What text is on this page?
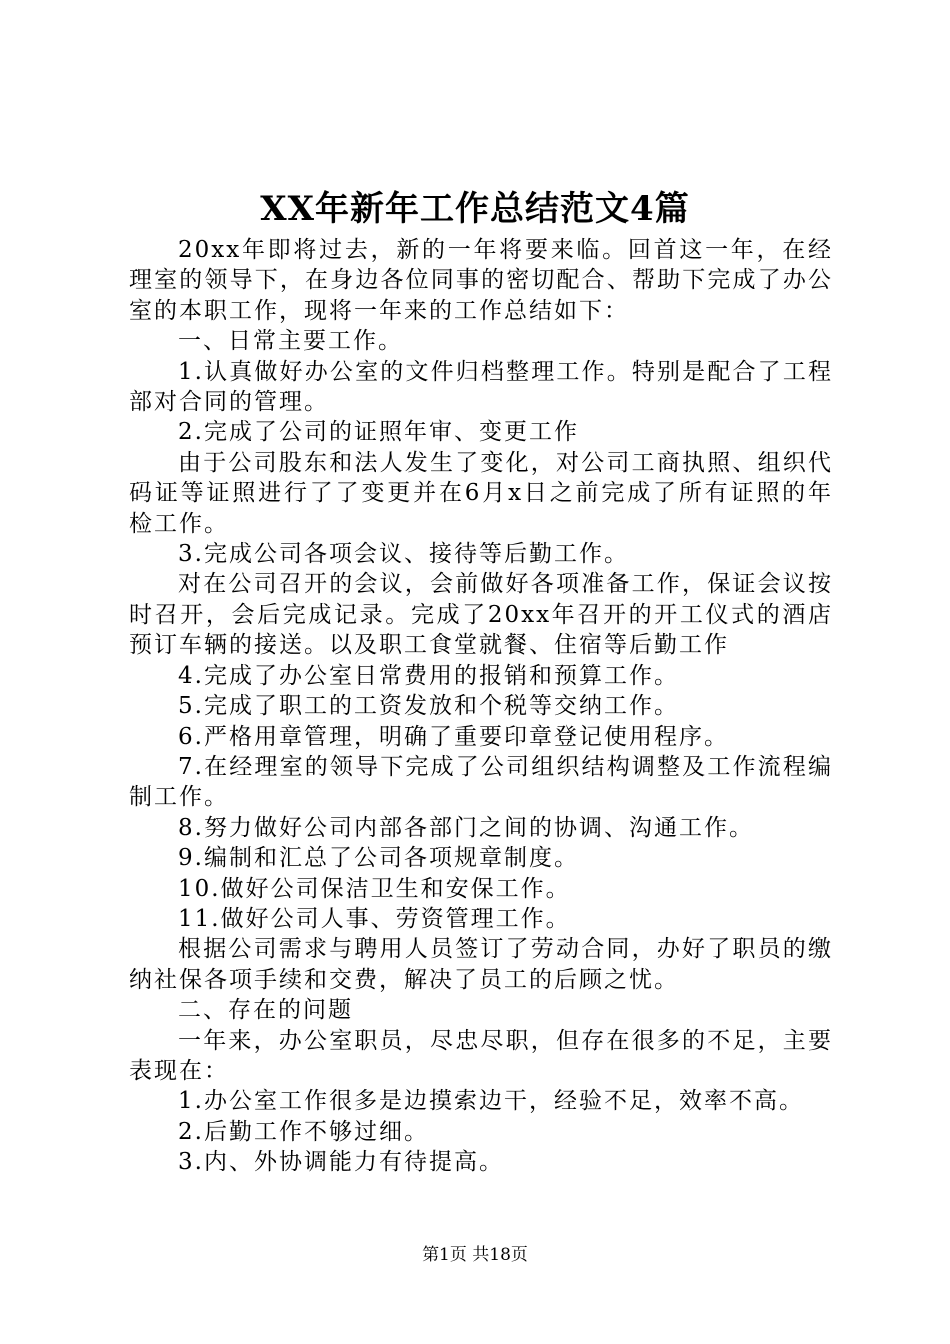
XX年新年工作总结范文4篇

20xx年即将过去，新的一年将要来临。回首这一年，在经理室的领导下，在身边各位同事的密切配合、帮助下完成了办公室的本职工作，现将一年来的工作总结如下：

一、日常主要工作。

1.认真做好办公室的文件归档整理工作。特别是配合了工程部对合同的管理。

2.完成了公司的证照年审、变更工作

由于公司股东和法人发生了变化，对公司工商执照、组织代码证等证照进行了了变更并在6月x日之前完成了所有证照的年检工作。

3.完成公司各项会议、接待等后勤工作。

对在公司召开的会议，会前做好各项准备工作，保证会议按时召开，会后完成记录。完成了20xx年召开的开工仪式的酒店预订车辆的接送。以及职工食堂就餐、住宿等后勤工作

4.完成了办公室日常费用的报销和预算工作。

5.完成了职工的工资发放和个税等交纳工作。

6.严格用章管理，明确了重要印章登记使用程序。

7.在经理室的领导下完成了公司组织结构调整及工作流程编制工作。

8.努力做好公司内部各部门之间的协调、沟通工作。

9.编制和汇总了公司各项规章制度。

10.做好公司保洁卫生和安保工作。

11.做好公司人事、劳资管理工作。

根据公司需求与聘用人员签订了劳动合同，办好了职员的缴纳社保各项手续和交费，解决了员工的后顾之忧。

二、存在的问题

一年来，办公室职员，尽忠尽职，但存在很多的不足，主要表现在：

1.办公室工作很多是边摸索边干，经验不足，效率不高。

2.后勤工作不够过细。

3.内、外协调能力有待提高。

第1页 共18页
